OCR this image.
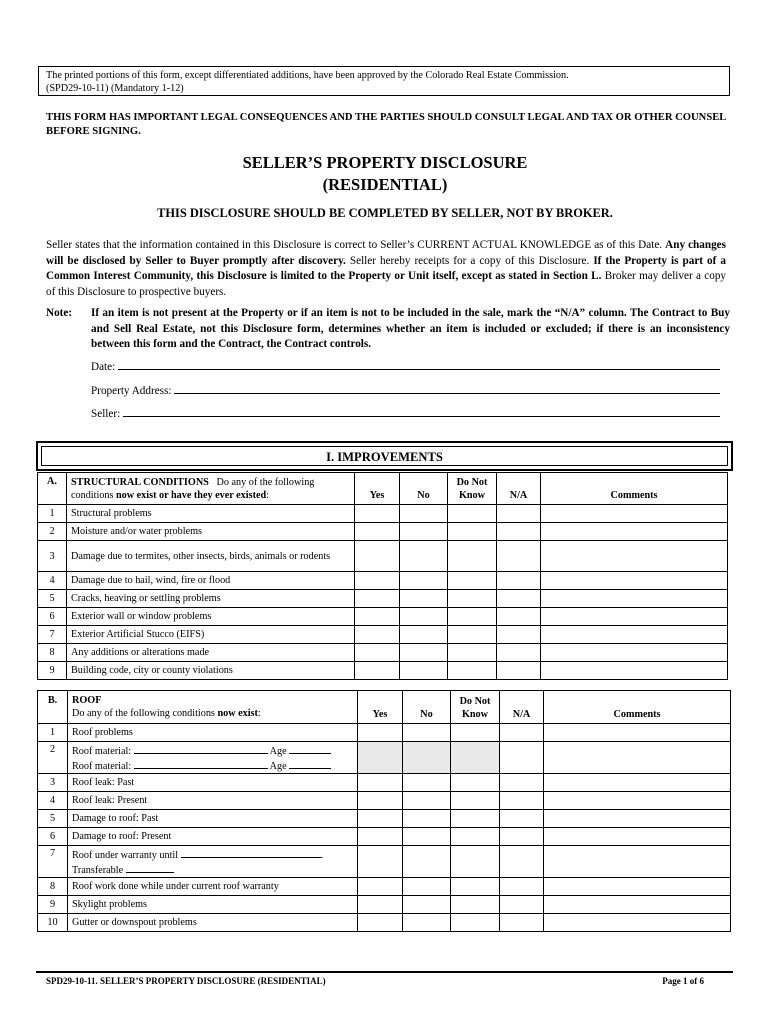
The printed portions of this form, except differentiated additions, have been approved by the Colorado Real Estate Commission.
(SPD29-10-11) (Mandatory 1-12)
THIS FORM HAS IMPORTANT LEGAL CONSEQUENCES AND THE PARTIES SHOULD CONSULT LEGAL AND TAX OR OTHER COUNSEL BEFORE SIGNING.
SELLER’S PROPERTY DISCLOSURE
(RESIDENTIAL)
THIS DISCLOSURE SHOULD BE COMPLETED BY SELLER, NOT BY BROKER.
Seller states that the information contained in this Disclosure is correct to Seller’s CURRENT ACTUAL KNOWLEDGE as of this Date. Any changes will be disclosed by Seller to Buyer promptly after discovery. Seller hereby receipts for a copy of this Disclosure. If the Property is part of a Common Interest Community, this Disclosure is limited to the Property or Unit itself, except as stated in Section L. Broker may deliver a copy of this Disclosure to prospective buyers.
Note: If an item is not present at the Property or if an item is not to be included in the sale, mark the “N/A” column. The Contract to Buy and Sell Real Estate, not this Disclosure form, determines whether an item is included or excluded; if there is an inconsistency between this form and the Contract, the Contract controls.
Date:
Property Address:
Seller:
I. IMPROVEMENTS
A.	STRUCTURAL CONDITIONS Do any of the following conditions now exist or have they ever existed:	Yes	No	Do Not
Know	N/A	Comments
1	Structural problems					
2	Moisture and/or water problems					
3	Damage due to termites, other insects, birds, animals or rodents					
4	Damage due to hail, wind, fire or flood					
5	Cracks, heaving or settling problems					
6	Exterior wall or window problems					
7	Exterior Artificial Stucco (EIFS)					
8	Any additions or alterations made					
9	Building code, city or county violations					
B.	ROOF
Do any of the following conditions now exist:	Yes	No	Do Not
Know	N/A	Comments
1	Roof problems					
2	Roof material: Age
Roof material: Age					

3	Roof leak: Past					
4	Roof leak: Present					
5	Damage to roof: Past					
6	Damage to roof: Present					
7	Roof under warranty until .
Transferable					

8	Roof work done while under current roof warranty					
9	Skylight problems					
10	Gutter or downspout problems					
SPD29-10-11. SELLER’S PROPERTY DISCLOSURE (RESIDENTIAL)	Page 1 of 6
